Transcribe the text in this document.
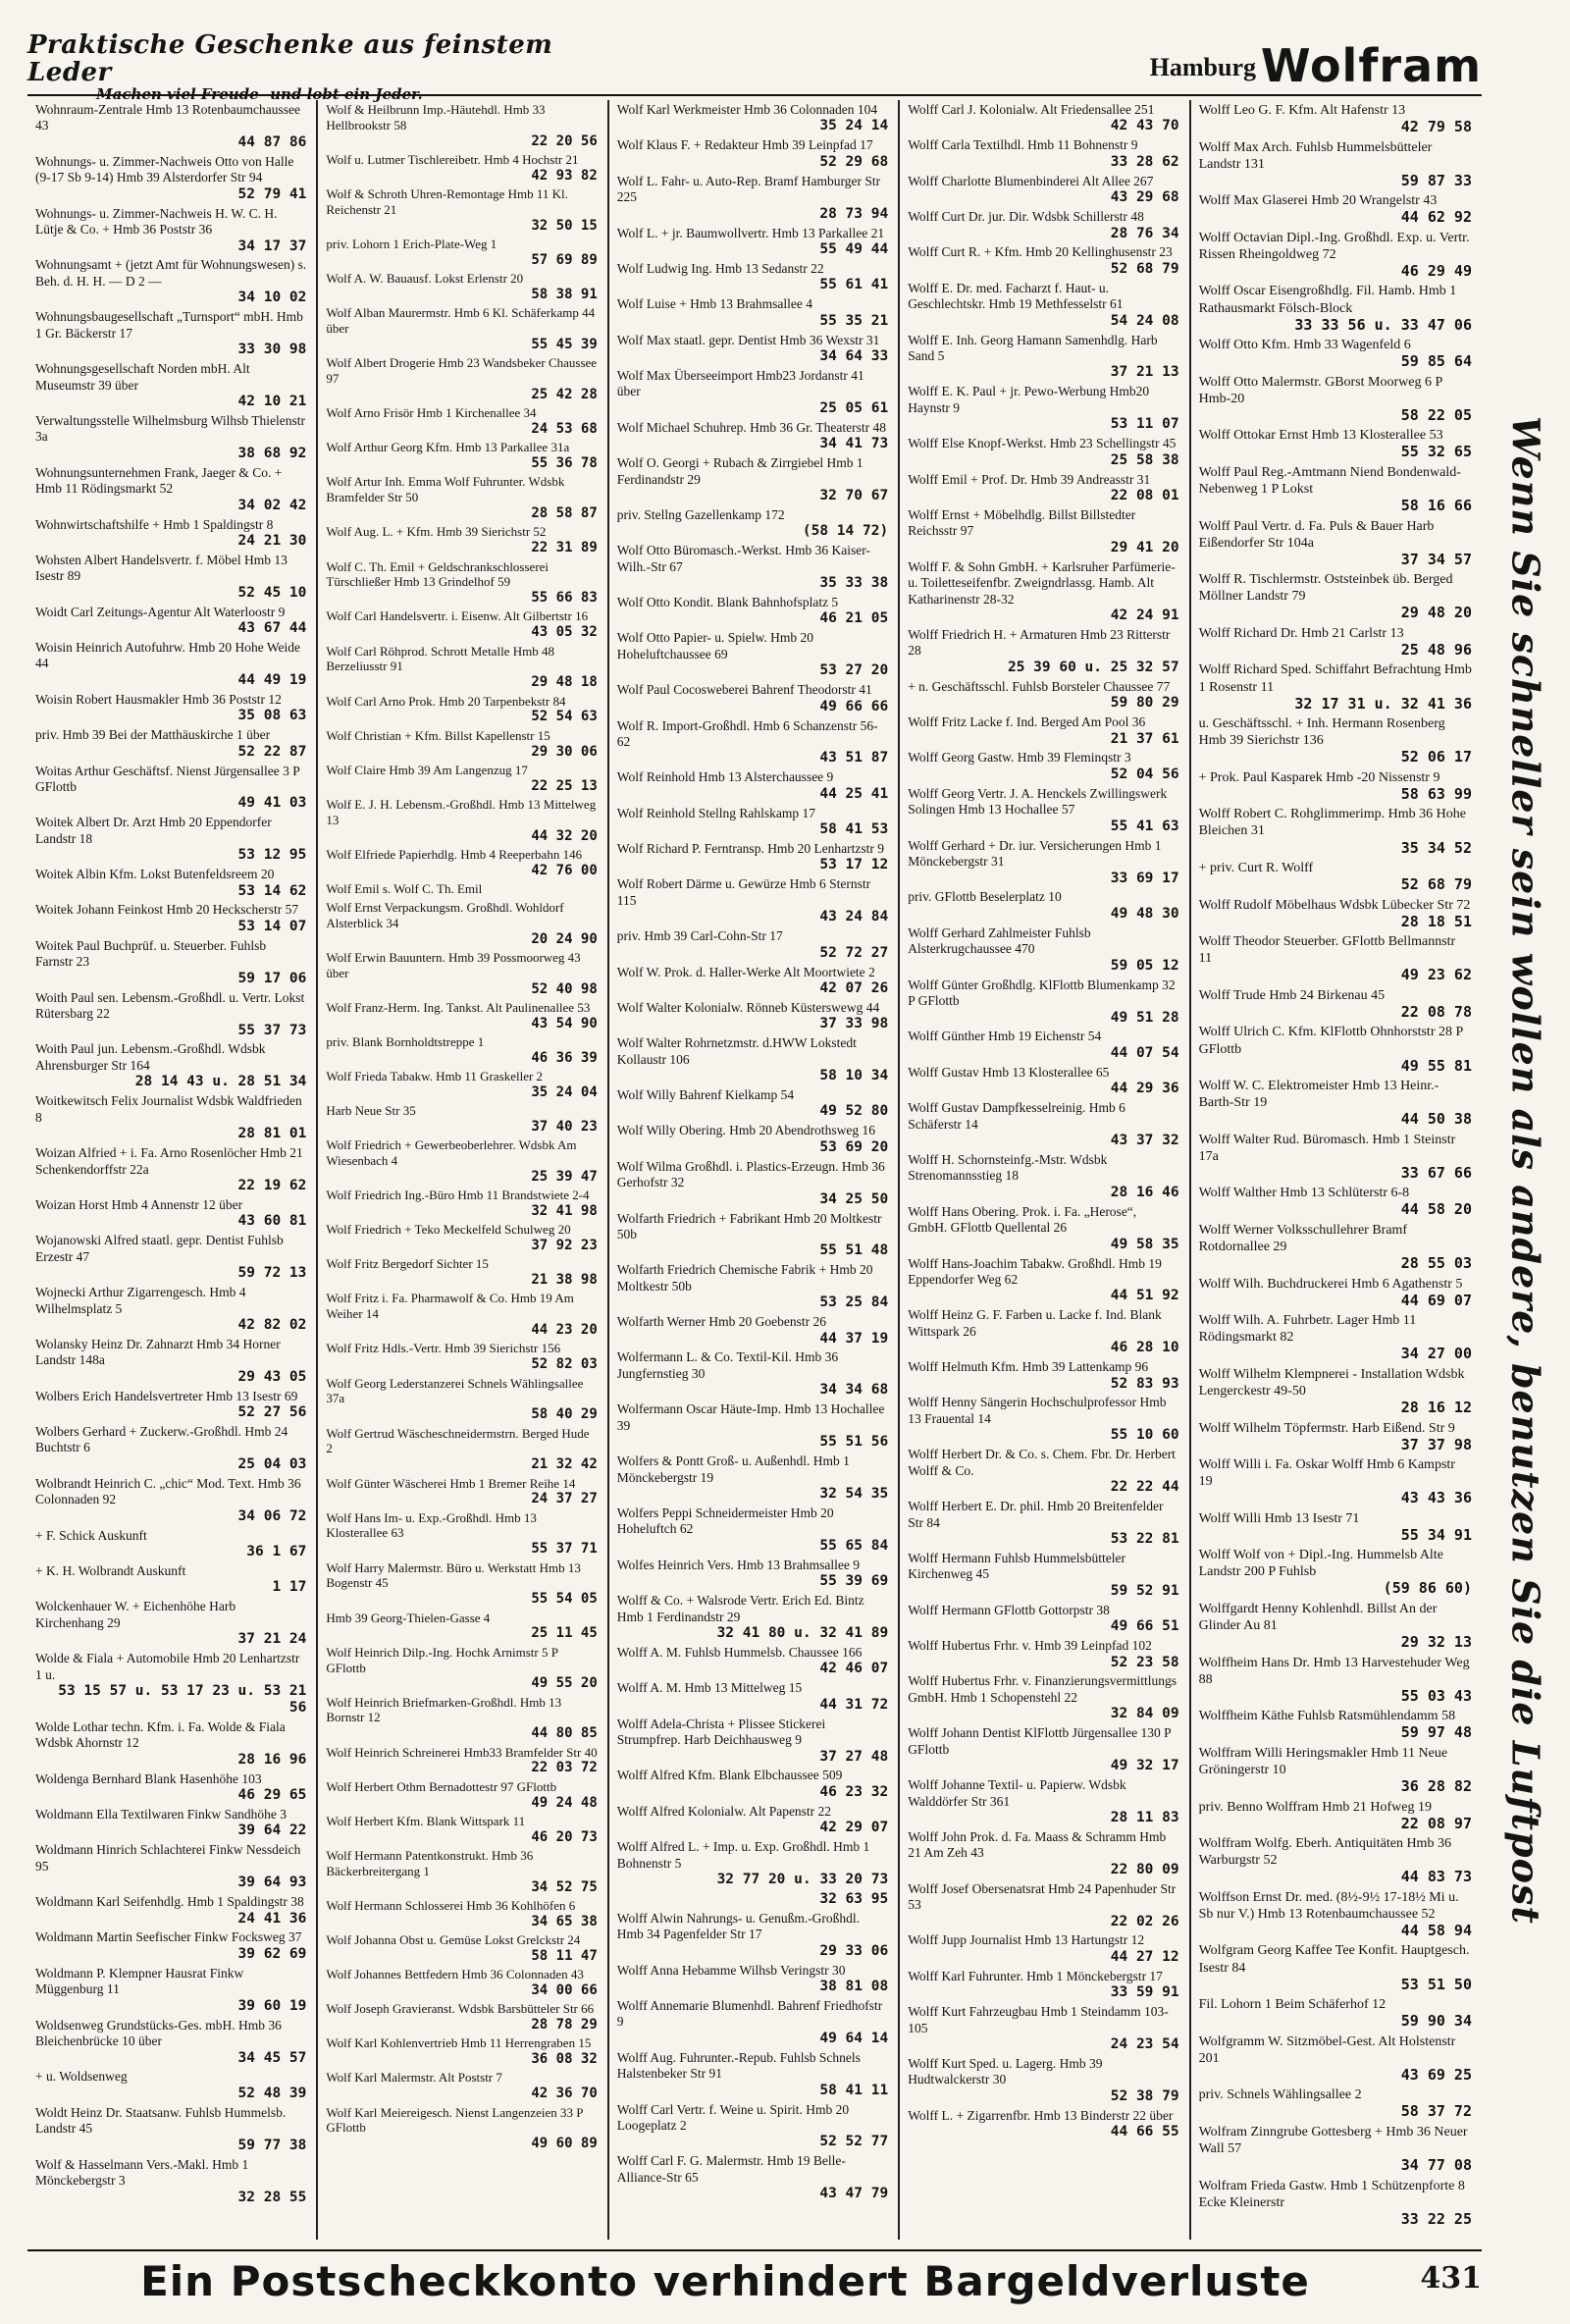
Praktische Geschenke aus feinstem Leder
Machen viel Freude- und lobt ein Jeder.
Hamburg Wolfram
Wohnraum-Zentrale Hmb 13 Rotenbaumchaussee 43
44 87 86
Wohnungs- u. Zimmer-Nachweis Otto von Halle (9-17 Sb 9-14) Hmb 39 Alsterdorfer Str 94
52 79 41
Wohnungs- u. Zimmer-Nachweis H. W. C. H. Lütje & Co. + Hmb 36 Poststr 36
34 17 37
Wohnungsamt + (jetzt Amt für Wohnungswesen) s. Beh. d. H. H. — D 2 —
34 10 02
Wohnungsbaugesellschaft „Turnsport“ mbH. Hmb 1 Gr. Bäckerstr 17
33 30 98
Wohnungsgesellschaft Norden mbH. Alt Museumstr 39 über
42 10 21
Verwaltungsstelle Wilhelmsburg Wilhsb Thielenstr 3a
38 68 92
Wohnungsunternehmen Frank, Jaeger & Co. + Hmb 11 Rödingsmarkt 52
34 02 42
Wohnwirtschaftshilfe + Hmb 1 Spaldingstr 8
24 21 30
Wohsten Albert Handelsvertr. f. Möbel Hmb 13 Isestr 89
52 45 10
Woidt Carl Zeitungs-Agentur Alt Waterloostr 9
43 67 44
Woisin Heinrich Autofuhrw. Hmb 20 Hohe Weide 44
44 49 19
Woisin Robert Hausmakler Hmb 36 Poststr 12
35 08 63
priv. Hmb 39 Bei der Matthäuskirche 1 über
52 22 87
Woitas Arthur Geschäftsf. Nienst Jürgensallee 3 P GFlottb
49 41 03
Woitek Albert Dr. Arzt Hmb 20 Eppendorfer Landstr 18
53 12 95
Woitek Albin Kfm. Lokst Butenfeldsreem 20
53 14 62
Woitek Johann Feinkost Hmb 20 Heckscherstr 57
53 14 07
Woitek Paul Buchprüf. u. Steuerber. Fuhlsb Farnstr 23
59 17 06
Woith Paul sen. Lebensm.-Großhdl. u. Vertr. Lokst Rütersbarg 22
55 37 73
Woith Paul jun. Lebensm.-Großhdl. Wdsbk Ahrensburger Str 164
28 14 43 u. 28 51 34
Woitkewitsch Felix Journalist Wdsbk Waldfrieden 8
28 81 01
Woizan Alfried + i. Fa. Arno Rosenlöcher Hmb 21 Schenkendorffstr 22a
22 19 62
Woizan Horst Hmb 4 Annenstr 12 über
43 60 81
Wojanowski Alfred staatl. gepr. Dentist Fuhlsb Erzestr 47
59 72 13
Wojnecki Arthur Zigarrengesch. Hmb 4 Wilhelmsplatz 5
42 82 02
Wolansky Heinz Dr. Zahnarzt Hmb 34 Horner Landstr 148a
29 43 05
Wolbers Erich Handelsvertreter Hmb 13 Isestr 69
52 27 56
Wolbers Gerhard + Zuckerw.-Großhdl. Hmb 24 Buchtstr 6
25 04 03
Wolbrandt Heinrich C. „chic“ Mod. Text. Hmb 36 Colonnaden 92
34 06 72
+ F. Schick Auskunft
36 1 67
+ K. H. Wolbrandt Auskunft
1 17
Wolckenhauer W. + Eichenhöhe Harb Kirchenhang 29
37 21 24
Wolde & Fiala + Automobile Hmb 20 Lenhartzstr 1 u.
53 15 57 u. 53 17 23 u. 53 21 56
Wolde Lothar techn. Kfm. i. Fa. Wolde & Fiala Wdsbk Ahornstr 12
28 16 96
Woldenga Bernhard Blank Hasenhöhe 103
46 29 65
Woldmann Ella Textilwaren Finkw Sandhöhe 3
39 64 22
Woldmann Hinrich Schlachterei Finkw Nessdeich 95
39 64 93
Woldmann Karl Seifenhdlg. Hmb 1 Spaldingstr 38
24 41 36
Woldmann Martin Seefischer Finkw Focksweg 37
39 62 69
Woldmann P. Klempner Hausrat Finkw Müggenburg 11
39 60 19
Woldsenweg Grundstücks-Ges. mbH. Hmb 36 Bleichenbrücke 10 über
34 45 57
+ u. Woldsenweg
52 48 39
Woldt Heinz Dr. Staatsanw. Fuhlsb Hummelsb. Landstr 45
59 77 38
Wolf & Hasselmann Vers.-Makl. Hmb 1 Mönckebergstr 3
32 28 55
Wolf & Heilbrunn Imp.-Häutehdl. Hmb 33 Hellbrookstr 58
22 20 56
Wolf u. Lutmer Tischlereibetr. Hmb 4 Hochstr 21
42 93 82
Wolf & Schroth Uhren-Remontage Hmb 11 Kl. Reichenstr 21
32 50 15
priv. Lohorn 1 Erich-Plate-Weg 1
57 69 89
Wolf A. W. Bauausf. Lokst Erlenstr 20
58 38 91
Wolf Alban Maurermstr. Hmb 6 Kl. Schäferkamp 44 über
55 45 39
Wolf Albert Drogerie Hmb 23 Wandsbeker Chaussee 97
25 42 28
Wolf Arno Frisör Hmb 1 Kirchenallee 34
24 53 68
Wolf Arthur Georg Kfm. Hmb 13 Parkallee 31a
55 36 78
Wolf Artur Inh. Emma Wolf Fuhrunter. Wdsbk Bramfelder Str 50
28 58 87
Wolf Aug. L. + Kfm. Hmb 39 Sierichstr 52
22 31 89
Wolf C. Th. Emil + Geldschrankschlosserei Türschließer Hmb 13 Grindelhof 59
55 66 83
Wolf Carl Handelsvertr. i. Eisenw. Alt Gilbertstr 16
43 05 32
Wolf Carl Röhprod. Schrott Metalle Hmb 48 Berzeliusstr 91
29 48 18
Wolf Carl Arno Prok. Hmb 20 Tarpenbekstr 84
52 54 63
Wolf Christian + Kfm. Billst Kapellenstr 15
29 30 06
Wolf Claire Hmb 39 Am Langenzug 17
22 25 13
Wolf E. J. H. Lebensm.-Großhdl. Hmb 13 Mittelweg 13
44 32 20
Wolf Elfriede Papierhdlg. Hmb 4 Reeperbahn 146
42 76 00
Wolf Emil s. Wolf C. Th. Emil
Wolf Ernst Verpackungsm. Großhdl. Wohldorf Alsterblick 34
20 24 90
Wolf Erwin Bauuntern. Hmb 39 Possmoorweg 43 über
52 40 98
Wolf Franz-Herm. Ing. Tankst. Alt Paulinenallee 53
43 54 90
priv. Blank Bornholdtstreppe 1
46 36 39
Wolf Frieda Tabakw. Hmb 11 Graskeller 2
35 24 04
Harb Neue Str 35
37 40 23
Wolf Friedrich + Gewerbeoberlehrer. Wdsbk Am Wiesenbach 4
25 39 47
Wolf Friedrich Ing.-Büro Hmb 11 Brandstwiete 2-4
32 41 98
Wolf Friedrich + Teko Meckelfeld Schulweg 20
37 92 23
Wolf Fritz Bergedorf Sichter 15
21 38 98
Wolf Fritz i. Fa. Pharmawolf & Co. Hmb 19 Am Weiher 14
44 23 20
Wolf Fritz Hdls.-Vertr. Hmb 39 Sierichstr 156
52 82 03
Wolf Georg Lederstanzerei Schnels Wählingsallee 37a
58 40 29
Wolf Gertrud Wäscheschneidermstrn. Berged Hude 2
21 32 42
Wolf Günter Wäscherei Hmb 1 Bremer Reihe 14
24 37 27
Wolf Hans Im- u. Exp.-Großhdl. Hmb 13 Klosterallee 63
55 37 71
Wolf Harry Malermstr. Büro u. Werkstatt Hmb 13 Bogenstr 45
55 54 05
Hmb 39 Georg-Thielen-Gasse 4
25 11 45
Wolf Heinrich Dilp.-Ing. Hochk Arnimstr 5 P GFlottb
49 55 20
Wolf Heinrich Briefmarken-Großhdl. Hmb 13 Bornstr 12
44 80 85
Wolf Heinrich Schreinerei Hmb33 Bramfelder Str 40
22 03 72
Wolf Herbert Othm Bernadottestr 97 GFlottb
49 24 48
Wolf Herbert Kfm. Blank Wittspark 11
46 20 73
Wolf Hermann Patentkonstrukt. Hmb 36 Bäckerbreitergang 1
34 52 75
Wolf Hermann Schlosserei Hmb 36 Kohlhöfen 6
34 65 38
Wolf Johanna Obst u. Gemüse Lokst Grelckstr 24
58 11 47
Wolf Johannes Bettfedern Hmb 36 Colonnaden 43
34 00 66
Wolf Joseph Gravieranst. Wdsbk Barsbütteler Str 66
28 78 29
Wolf Karl Kohlenvertrieb Hmb 11 Herrengraben 15
36 08 32
Wolf Karl Malermstr. Alt Poststr 7
42 36 70
Wolf Karl Meiereigesch. Nienst Langenzeien 33 P GFlottb
49 60 89
Wolf Karl Werkmeister Hmb 36 Colonnaden 104
35 24 14
Wolf Klaus F. + Redakteur Hmb 39 Leinpfad 17
52 29 68
Wolf L. Fahr- u. Auto-Rep. Bramf Hamburger Str 225
28 73 94
Wolf L. + jr. Baumwollvertr. Hmb 13 Parkallee 21
55 49 44
Wolf Ludwig Ing. Hmb 13 Sedanstr 22
55 61 41
Wolf Luise + Hmb 13 Brahmsallee 4
55 35 21
Wolf Max staatl. gepr. Dentist Hmb 36 Wexstr 31
34 64 33
Wolf Max Überseeimport Hmb23 Jordanstr 41 über
25 05 61
Wolf Michael Schuhrep. Hmb 36 Gr. Theaterstr 48
34 41 73
Wolf O. Georgi + Rubach & Zirrgiebel Hmb 1 Ferdinandstr 29
32 70 67
priv. Stellng Gazellenkamp 172
(58 14 72)
Wolf Otto Büromasch.-Werkst. Hmb 36 Kaiser-Wilh.-Str 67
35 33 38
Wolf Otto Kondit. Blank Bahnhofsplatz 5
46 21 05
Wolf Otto Papier- u. Spielw. Hmb 20 Hoheluftchaussee 69
53 27 20
Wolf Paul Cocosweberei Bahrenf Theodorstr 41
49 66 66
Wolf R. Import-Großhdl. Hmb 6 Schanzenstr 56-62
43 51 87
Wolf Reinhold Hmb 13 Alsterchaussee 9
44 25 41
Wolf Reinhold Stellng Rahlskamp 17
58 41 53
Wolf Richard P. Ferntransp. Hmb 20 Lenhartzstr 9
53 17 12
Wolf Robert Därme u. Gewürze Hmb 6 Sternstr 115
43 24 84
priv. Hmb 39 Carl-Cohn-Str 17
52 72 27
Wolf W. Prok. d. Haller-Werke Alt Moortwiete 2
42 07 26
Wolf Walter Kolonialw. Rönneb Küsterswewg 44
37 33 98
Wolf Walter Rohrnetzmstr. d.HWW Lokstedt Kollaustr 106
58 10 34
Wolf Willy Bahrenf Kielkamp 54
49 52 80
Wolf Willy Obering. Hmb 20 Abendrothsweg 16
53 69 20
Wolf Wilma Großhdl. i. Plastics-Erzeugn. Hmb 36 Gerhofstr 32
34 25 50
Wolfarth Friedrich + Fabrikant Hmb 20 Moltkestr 50b
55 51 48
Wolfarth Friedrich Chemische Fabrik + Hmb 20 Moltkestr 50b
53 25 84
Wolfarth Werner Hmb 20 Goebenstr 26
44 37 19
Wolfermann L. & Co. Textil-Kil. Hmb 36 Jungfernstieg 30
34 34 68
Wolfermann Oscar Häute-Imp. Hmb 13 Hochallee 39
55 51 56
Wolfers & Pontt Groß- u. Außenhdl. Hmb 1 Mönckebergstr 19
32 54 35
Wolfers Peppi Schneidermeister Hmb 20 Hoheluftch 62
55 65 84
Wolfes Heinrich Vers. Hmb 13 Brahmsallee 9
55 39 69
Wolff & Co. + Walsrode Vertr. Erich Ed. Bintz Hmb 1 Ferdinandstr 29
32 41 80 u. 32 41 89
Wolff A. M. Fuhlsb Hummelsb. Chaussee 166
42 46 07
Wolff A. M. Hmb 13 Mittelweg 15
44 31 72
Wolff Adela-Christa + Plissee Stickerei Strumpfrep. Harb Deichhausweg 9
37 27 48
Wolff Alfred Kfm. Blank Elbchaussee 509
46 23 32
Wolff Alfred Kolonialw. Alt Papenstr 22
42 29 07
Wolff Alfred L. + Imp. u. Exp. Großhdl. Hmb 1 Bohnenstr 5
32 77 20 u. 33 20 73
32 63 95
Wolff Alwin Nahrungs- u. Genußm.-Großhdl. Hmb 34 Pagenfelder Str 17
29 33 06
Wolff Anna Hebamme Wilhsb Veringstr 30
38 81 08
Wolff Annemarie Blumenhdl. Bahrenf Friedhofstr 9
49 64 14
Wolff Aug. Fuhrunter.-Repub. Fuhlsb Schnels Halstenbeker Str 91
58 41 11
Wolff Carl Vertr. f. Weine u. Spirit. Hmb 20 Loogeplatz 2
52 52 77
Wolff Carl F. G. Malermstr. Hmb 19 Belle-Alliance-Str 65
43 47 79
Wolff Carl J. Kolonialw. Alt Friedensallee 251
42 43 70
Wolff Carla Textilhdl. Hmb 11 Bohnenstr 9
33 28 62
Wolff Charlotte Blumenbinderei Alt Allee 267
43 29 68
Wolff Curt Dr. jur. Dir. Wdsbk Schillerstr 48
28 76 34
Wolff Curt R. + Kfm. Hmb 20 Kellinghusenstr 23
52 68 79
Wolff E. Dr. med. Facharzt f. Haut- u. Geschlechtskr. Hmb 19 Methfesselstr 61
54 24 08
Wolff E. Inh. Georg Hamann Samenhdlg. Harb Sand 5
37 21 13
Wolff E. K. Paul + jr. Pewo-Werbung Hmb20 Haynstr 9
53 11 07
Wolff Else Knopf-Werkst. Hmb 23 Schellingstr 45
25 58 38
Wolff Emil + Prof. Dr. Hmb 39 Andreasstr 31
22 08 01
Wolff Ernst + Möbelhdlg. Billst Billstedter Reichsstr 97
29 41 20
Wolff F. & Sohn GmbH. + Karlsruher Parfümerie- u. Toiletteseifenfbr. Zweigndrlassg. Hamb. Alt Katharinenstr 28-32
42 24 91
Wolff Friedrich H. + Armaturen Hmb 23 Ritterstr 28
25 39 60 u. 25 32 57
+ n. Geschäftsschl. Fuhlsb Borsteler Chaussee 77
59 80 29
Wolff Fritz Lacke f. Ind. Berged Am Pool 36
21 37 61
Wolff Georg Gastw. Hmb 39 Fleminqstr 3
52 04 56
Wolff Georg Vertr. J. A. Henckels Zwillingswerk Solingen Hmb 13 Hochallee 57
55 41 63
Wolff Gerhard + Dr. iur. Versicherungen Hmb 1 Mönckebergstr 31
33 69 17
priv. GFlottb Beselerplatz 10
49 48 30
Wolff Gerhard Zahlmeister Fuhlsb Alsterkrugchaussee 470
59 05 12
Wolff Günter Großhdlg. KlFlottb Blumenkamp 32 P GFlottb
49 51 28
Wolff Günther Hmb 19 Eichenstr 54
44 07 54
Wolff Gustav Hmb 13 Klosterallee 65
44 29 36
Wolff Gustav Dampfkesselreinig. Hmb 6 Schäferstr 14
43 37 32
Wolff H. Schornsteinfg.-Mstr. Wdsbk Strenomannsstieg 18
28 16 46
Wolff Hans Obering. Prok. i. Fa. „Herose“, GmbH. GFlottb Quellental 26
49 58 35
Wolff Hans-Joachim Tabakw. Großhdl. Hmb 19 Eppendorfer Weg 62
44 51 92
Wolff Heinz G. F. Farben u. Lacke f. Ind. Blank Wittspark 26
46 28 10
Wolff Helmuth Kfm. Hmb 39 Lattenkamp 96
52 83 93
Wolff Henny Sängerin Hochschulprofessor Hmb 13 Frauental 14
55 10 60
Wolff Herbert Dr. & Co. s. Chem. Fbr. Dr. Herbert Wolff & Co.
22 22 44
Wolff Herbert E. Dr. phil. Hmb 20 Breitenfelder Str 84
53 22 81
Wolff Hermann Fuhlsb Hummelsbütteler Kirchenweg 45
59 52 91
Wolff Hermann GFlottb Gottorpstr 38
49 66 51
Wolff Hubertus Frhr. v. Hmb 39 Leinpfad 102
52 23 58
Wolff Hubertus Frhr. v. Finanzierungsvermittlungs GmbH. Hmb 1 Schopenstehl 22
32 84 09
Wolff Johann Dentist KlFlottb Jürgensallee 130 P GFlottb
49 32 17
Wolff Johanne Textil- u. Papierw. Wdsbk Walddörfer Str 361
28 11 83
Wolff John Prok. d. Fa. Maass & Schramm Hmb 21 Am Zeh 43
22 80 09
Wolff Josef Obersenatsrat Hmb 24 Papenhuder Str 53
22 02 26
Wolff Jupp Journalist Hmb 13 Hartungstr 12
44 27 12
Wolff Karl Fuhrunter. Hmb 1 Mönckebergstr 17
33 59 91
Wolff Kurt Fahrzeugbau Hmb 1 Steindamm 103-105
24 23 54
Wolff Kurt Sped. u. Lagerg. Hmb 39 Hudtwalckerstr 30
52 38 79
Wolff L. + Zigarrenfbr. Hmb 13 Binderstr 22 über
44 66 55
Wolff Leo G. F. Kfm. Alt Hafenstr 13
42 79 58
Wolff Max Arch. Fuhlsb Hummelsbütteler Landstr 131
59 87 33
Wolff Max Glaserei Hmb 20 Wrangelstr 43
44 62 92
Wolff Octavian Dipl.-Ing. Großhdl. Exp. u. Vertr. Rissen Rheingoldweg 72
46 29 49
Wolff Oscar Eisengroßhdlg. Fil. Hamb. Hmb 1 Rathausmarkt Fölsch-Block
33 33 56 u. 33 47 06
Wolff Otto Kfm. Hmb 33 Wagenfeld 6
59 85 64
Wolff Otto Malermstr. GBorst Moorweg 6 P Hmb-20
58 22 05
Wolff Ottokar Ernst Hmb 13 Klosterallee 53
55 32 65
Wolff Paul Reg.-Amtmann Niend Bondenwald-Nebenweg 1 P Lokst
58 16 66
Wolff Paul Vertr. d. Fa. Puls & Bauer Harb Eißendorfer Str 104a
37 34 57
Wolff R. Tischlermstr. Oststeinbek üb. Berged Möllner Landstr 79
29 48 20
Wolff Richard Dr. Hmb 21 Carlstr 13
25 48 96
Wolff Richard Sped. Schiffahrt Befrachtung Hmb 1 Rosenstr 11
32 17 31 u. 32 41 36
u. Geschäftsschl. + Inh. Hermann Rosenberg Hmb 39 Sierichstr 136
52 06 17
+ Prok. Paul Kasparek Hmb -20 Nissenstr 9
58 63 99
Wolff Robert C. Rohglimmerimp. Hmb 36 Hohe Bleichen 31
35 34 52
+ priv. Curt R. Wolff
52 68 79
Wolff Rudolf Möbelhaus Wdsbk Lübecker Str 72
28 18 51
Wolff Theodor Steuerber. GFlottb Bellmannstr 11
49 23 62
Wolff Trude Hmb 24 Birkenau 45
22 08 78
Wolff Ulrich C. Kfm. KlFlottb Ohnhorststr 28 P GFlottb
49 55 81
Wolff W. C. Elektromeister Hmb 13 Heinr.-Barth-Str 19
44 50 38
Wolff Walter Rud. Büromasch. Hmb 1 Steinstr 17a
33 67 66
Wolff Walther Hmb 13 Schlüterstr 6-8
44 58 20
Wolff Werner Volksschullehrer Bramf Rotdornallee 29
28 55 03
Wolff Wilh. Buchdruckerei Hmb 6 Agathenstr 5
44 69 07
Wolff Wilh. A. Fuhrbetr. Lager Hmb 11 Rödingsmarkt 82
34 27 00
Wolff Wilhelm Klempnerei - Installation Wdsbk Lengerckestr 49-50
28 16 12
Wolff Wilhelm Töpfermstr. Harb Eißend. Str 9
37 37 98
Wolff Willi i. Fa. Oskar Wolff Hmb 6 Kampstr 19
43 43 36
Wolff Willi Hmb 13 Isestr 71
55 34 91
Wolff Wolf von + Dipl.-Ing. Hummelsb Alte Landstr 200 P Fuhlsb
(59 86 60)
Wolffgardt Henny Kohlenhdl. Billst An der Glinder Au 81
29 32 13
Wolffheim Hans Dr. Hmb 13 Harvestehuder Weg 88
55 03 43
Wolffheim Käthe Fuhlsb Ratsmühlendamm 58
59 97 48
Wolffram Willi Heringsmakler Hmb 11 Neue Gröningerstr 10
36 28 82
priv. Benno Wolffram Hmb 21 Hofweg 19
22 08 97
Wolffram Wolfg. Eberh. Antiquitäten Hmb 36 Warburgstr 52
44 83 73
Wolffson Ernst Dr. med. (8½-9½ 17-18½ Mi u. Sb nur V.) Hmb 13 Rotenbaumchaussee 52
44 58 94
Wolfgram Georg Kaffee Tee Konfit. Hauptgesch. Isestr 84
53 51 50
Fil. Lohorn 1 Beim Schäferhof 12
59 90 34
Wolfgramm W. Sitzmöbel-Gest. Alt Holstenstr 201
43 69 25
priv. Schnels Wählingsallee 2
58 37 72
Wolfram Zinngrube Gottesberg + Hmb 36 Neuer Wall 57
34 77 08
Wolfram Frieda Gastw. Hmb 1 Schützenpforte 8 Ecke Kleinerstr
33 22 25
Wenn Sie schneller sein wollen als andere, benutzen Sie die Luftpost
Ein Postscheckkonto verhindert Bargeldverluste	431
